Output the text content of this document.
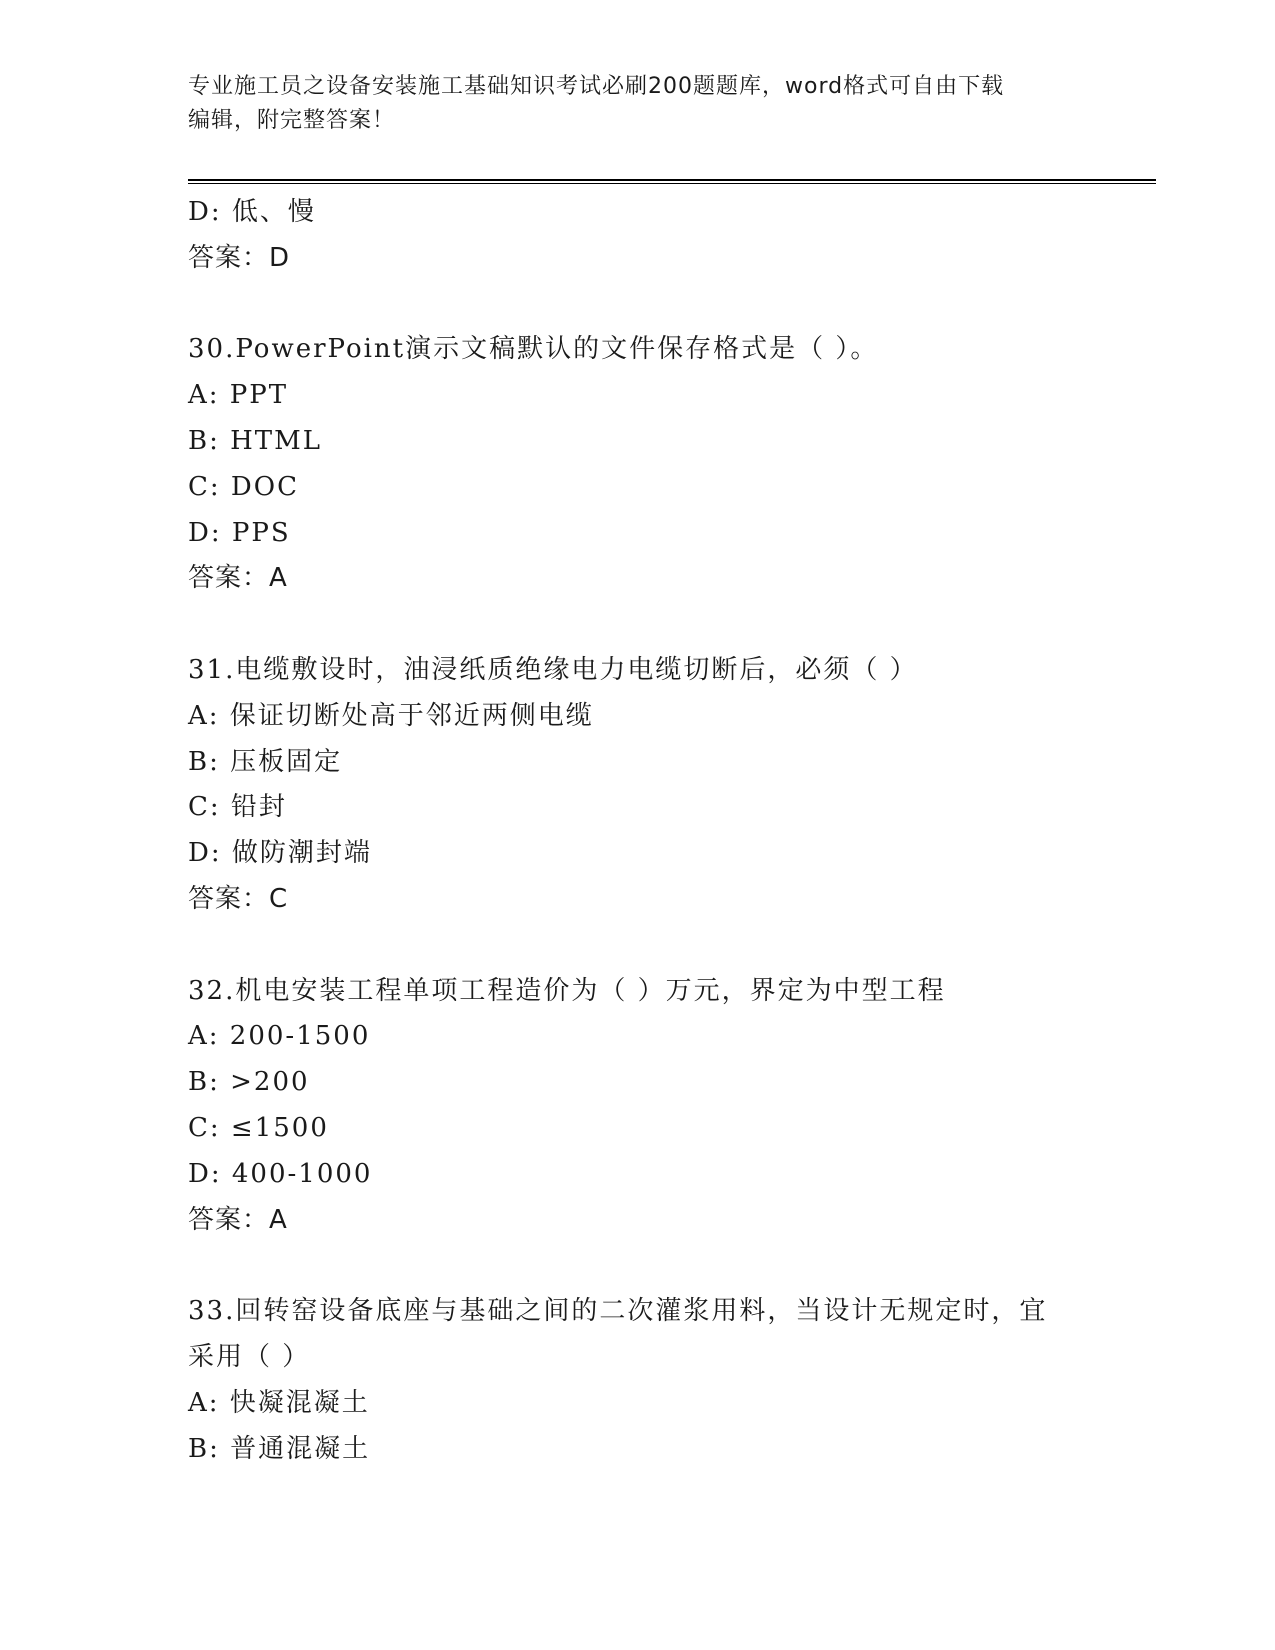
专业施工员之设备安装施工基础知识考试必刷200题题库，word格式可自由下载
编辑，附完整答案！
D: 低、慢
答案：D
30.PowerPoint演示文稿默认的文件保存格式是（ ）。
A: PPT
B: HTML
C: DOC
D: PPS
答案：A
31.电缆敷设时，油浸纸质绝缘电力电缆切断后，必须（ ）
A: 保证切断处高于邻近两侧电缆
B: 压板固定
C: 铅封
D: 做防潮封端
答案：C
32.机电安装工程单项工程造价为（ ）万元，界定为中型工程
A: 200-1500
B: >200
C: ≤1500
D: 400-1000
答案：A
33.回转窑设备底座与基础之间的二次灌浆用料，当设计无规定时，宜
采用（ ）
A: 快凝混凝土
B: 普通混凝土
